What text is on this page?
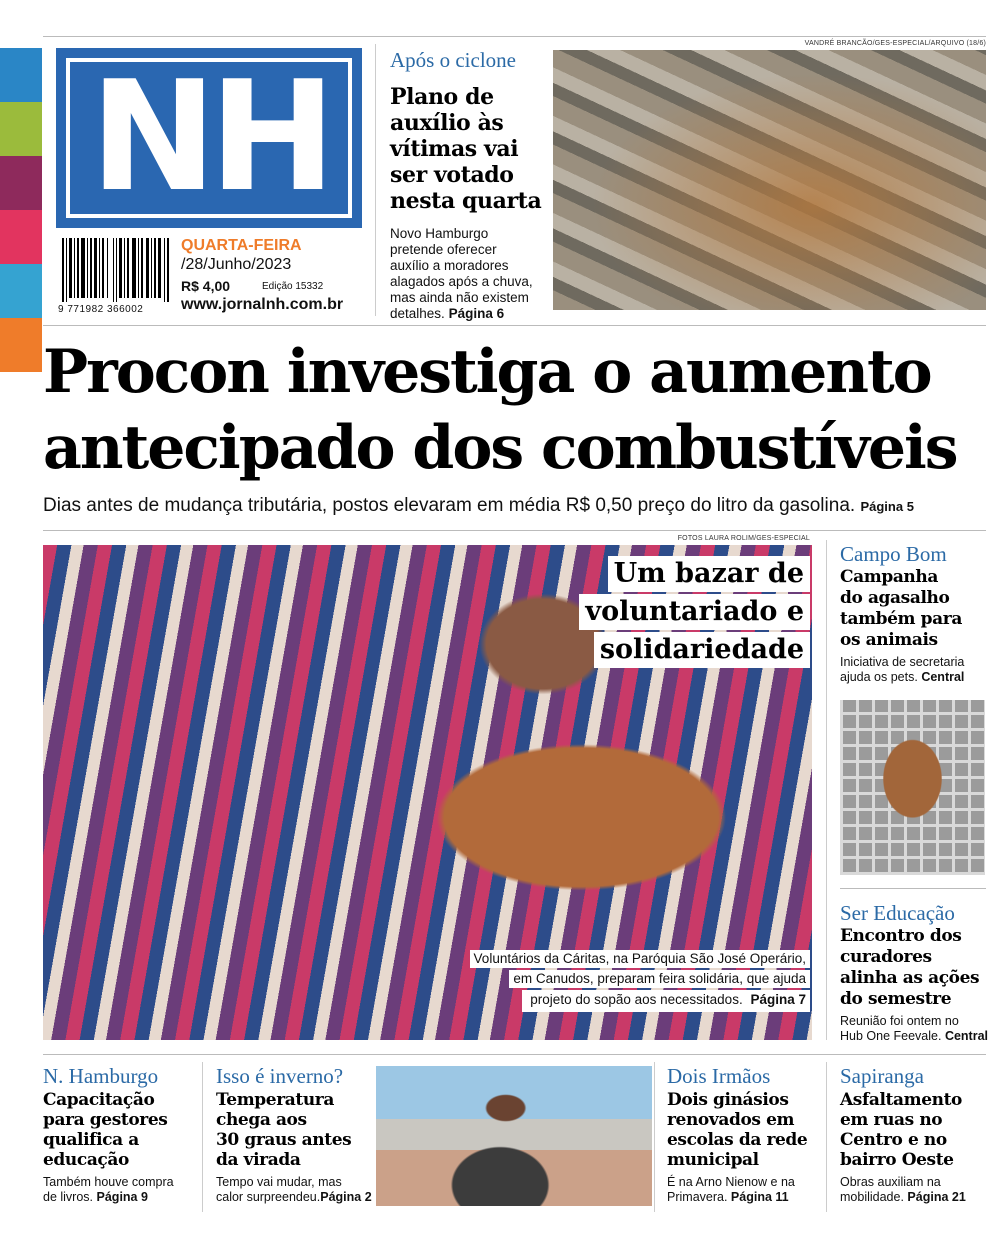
NH
9 771982 366002
QUARTA-FEIRA
/28/Junho/2023
R$ 4,00	Edição 15332
www.jornalnh.com.br
Após o ciclone
Plano de
auxílio às
vítimas vai
ser votado
nesta quarta
Novo Hamburgo
pretende oferecer
auxílio a moradores
alagados após a chuva,
mas ainda não existem
detalhes. Página 6
VANDRÉ BRANCÃO/GES-ESPECIAL/ARQUIVO (18/6)
Procon investiga o aumento
antecipado dos combustíveis
Dias antes de mudança tributária, postos elevaram em média R$ 0,50 preço do litro da gasolina. Página 5
FOTOS LAURA ROLIM/GES-ESPECIAL
Um bazar de
voluntariado e
solidariedade
Voluntários da Cáritas, na Paróquia São José Operário,
em Canudos, preparam feira solidária, que ajuda
projeto do sopão aos necessitados. Página 7
Campo Bom
Campanha
do agasalho
também para
os animais
Iniciativa de secretaria
ajuda os pets. Central
Ser Educação
Encontro dos
curadores
alinha as ações
do semestre
Reunião foi ontem no
Hub One Feevale. Central
N. Hamburgo
Capacitação
para gestores
qualifica a
educação
Também houve compra
de livros. Página 9
Isso é inverno?
Temperatura
chega aos
30 graus antes
da virada
Tempo vai mudar, mas
calor surpreendeu.Página 2
Dois Irmãos
Dois ginásios
renovados em
escolas da rede
municipal
É na Arno Nienow e na
Primavera. Página 11
Sapiranga
Asfaltamento
em ruas no
Centro e no
bairro Oeste
Obras auxiliam na
mobilidade. Página 21
